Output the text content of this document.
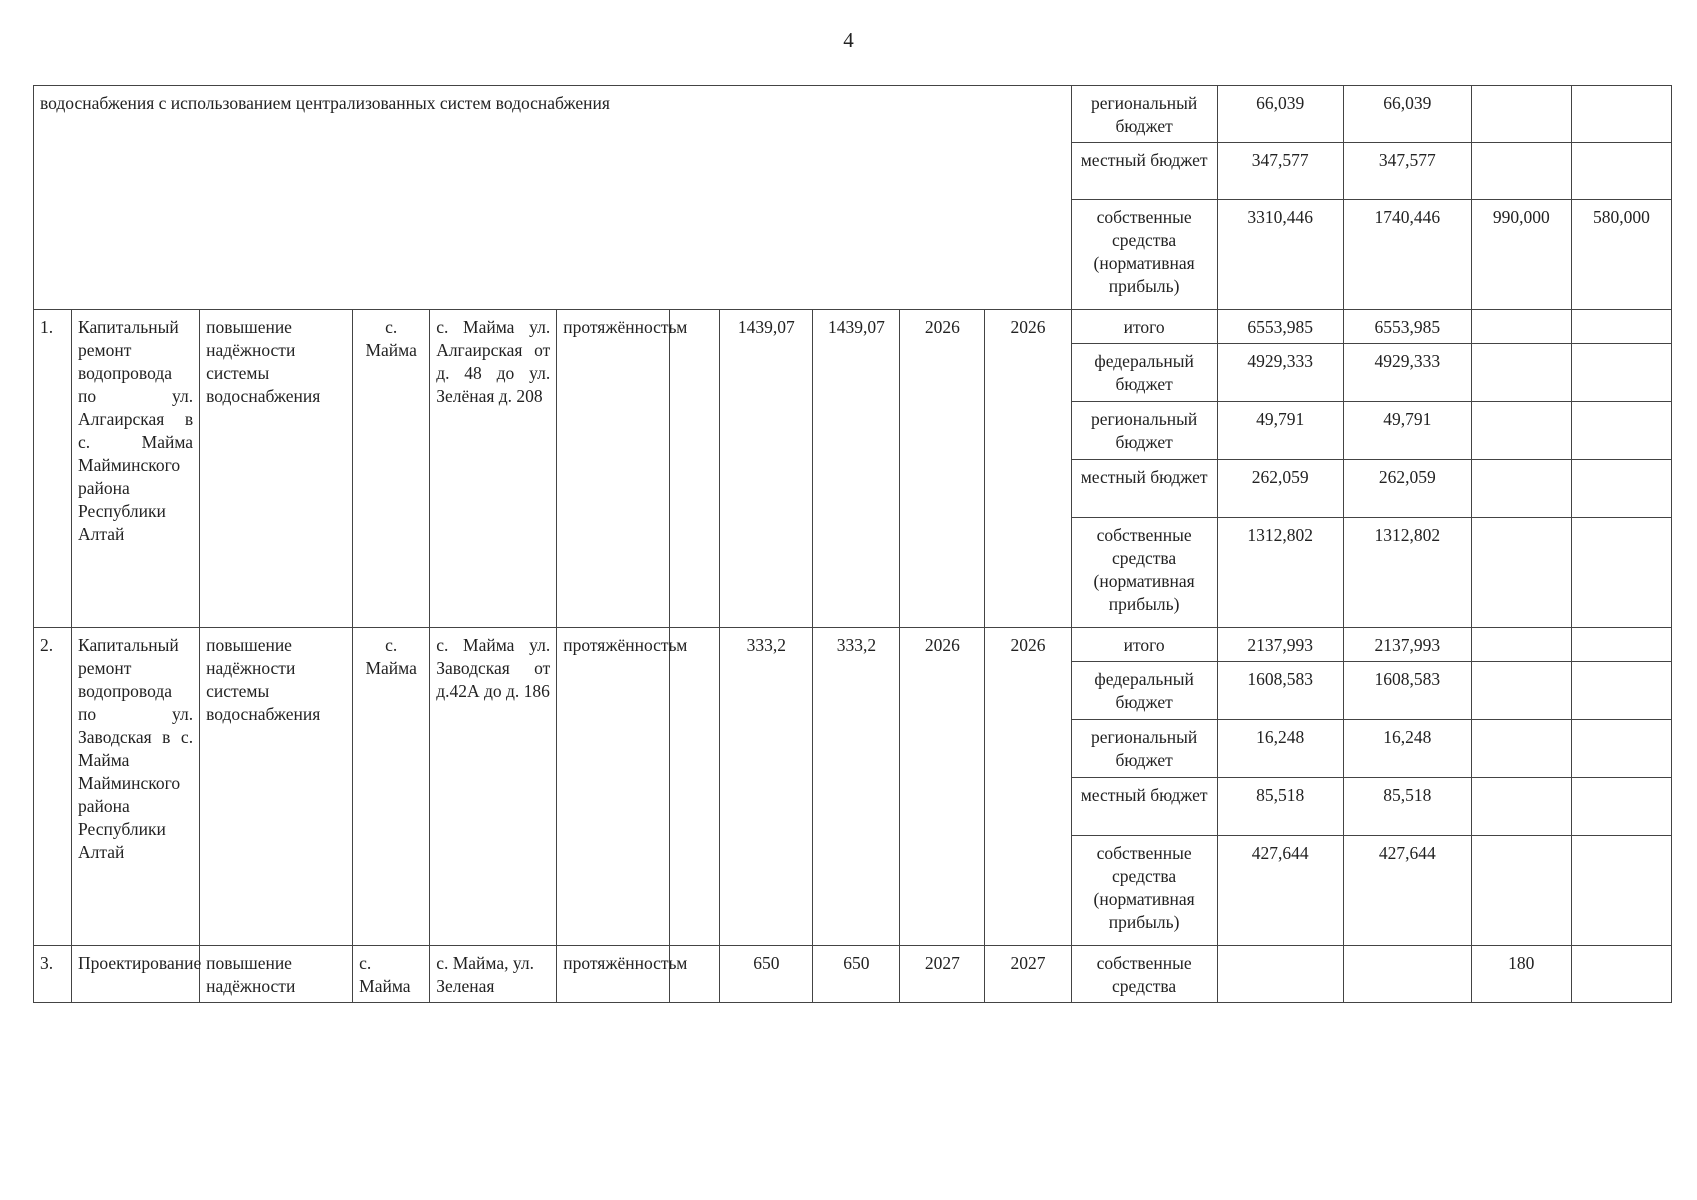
4
водоснабжения с использованием централизованных систем водоснабжения											региональный бюджет	66,039	66,039		
											местный бюджет	347,577	347,577		
											собственные средства (нормативная прибыль)	3310,446	1740,446	990,000	580,000
1.	Капитальный ремонт водопровода по ул. Алгаирская в с. Майма Майминского района Республики Алтай	повышение надёжности системы водоснабжения	с. Майма	с. Майма ул. Алгаирская от д. 48 до ул. Зелёная д. 208	протяжённость	м	1439,07	1439,07	2026	2026	итого	6553,985	6553,985		
											федеральный бюджет	4929,333	4929,333		
											региональный бюджет	49,791	49,791		
											местный бюджет	262,059	262,059		
											собственные средства (нормативная прибыль)	1312,802	1312,802		
2.	Капитальный ремонт водопровода по ул. Заводская в с. Майма Майминского района Республики Алтай	повышение надёжности системы водоснабжения	с. Майма	с. Майма ул. Заводская от д.42А до д. 186	протяжённость	м	333,2	333,2	2026	2026	итого	2137,993	2137,993		
											федеральный бюджет	1608,583	1608,583		
											региональный бюджет	16,248	16,248		
											местный бюджет	85,518	85,518		
											собственные средства (нормативная прибыль)	427,644	427,644		
3.	Проектирование	повышение надёжности	с. Майма	с. Майма, ул. Зеленая	протяжённость	м	650	650	2027	2027	собственные средства			180	
